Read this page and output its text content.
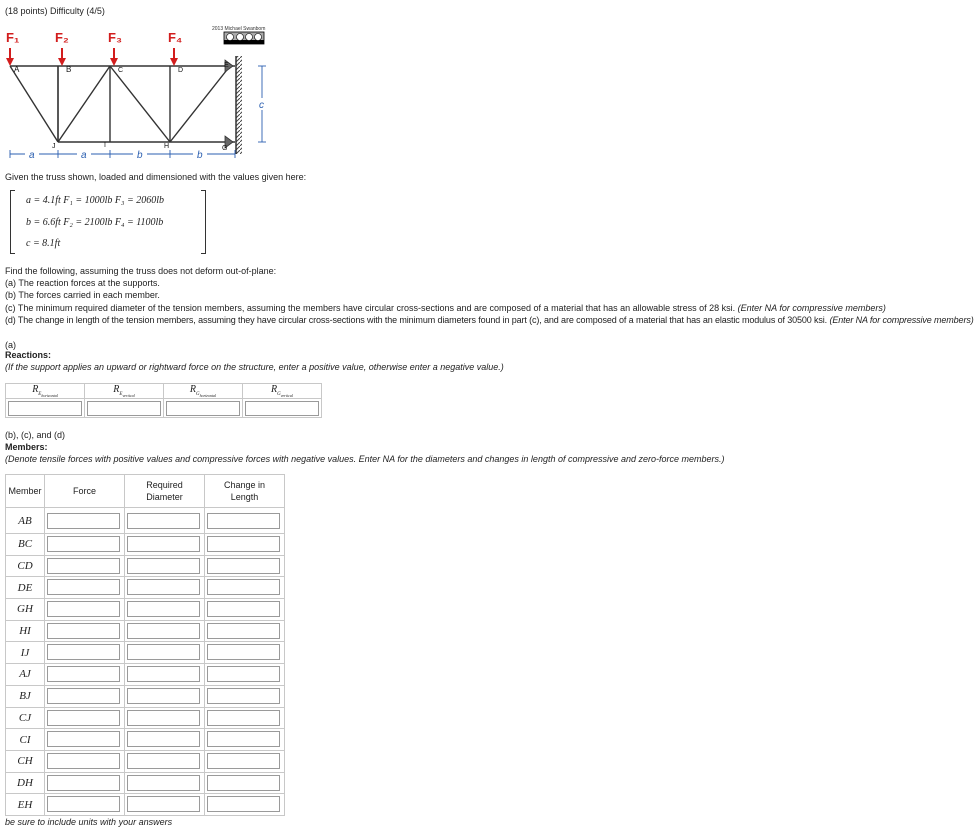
(18 points) Difficulty (4/5)
F₁	F₂	F₃	F₄
A	B	C	D
E
J	I	H	G
a	a	b	b
c
2013 Michael Swanbom
Given the truss shown, loaded and dimensioned with the values given here:
a = 4.1ft F₁ = 1000lb F₃ = 2060lb
b = 6.6ft F₂ = 2100lb F₄ = 1100lb
c = 8.1ft
Find the following, assuming the truss does not deform out-of-plane:
(a) The reaction forces at the supports.
(b) The forces carried in each member.
(c) The minimum required diameter of the tension members, assuming the members have circular cross-sections and are composed of a material that has an allowable stress of 28 ksi. (Enter NA for compressive members)
(d) The change in length of the tension members, assuming they have circular cross-sections with the minimum diameters found in part (c), and are composed of a material that has an elastic modulus of 30500 ksi. (Enter NA for compressive members)
(a)
Reactions:
(If the support applies an upward or rightward force on the structure, enter a positive value, otherwise enter a negative value.)
$R_{E_{horizontal}}$	$R_{E_{vertical}}$	$R_{G_{horizontal}}$	$R_{G_{vertical}}$

(b), (c), and (d)
Members:
(Denote tensile forces with positive values and compressive forces with negative values. Enter NA for the diameters and changes in length of compressive and zero-force members.)
Member	Force	Required Diameter	Change in Length

AB	

BC	

CD	

DE	

GH	

HI	

IJ	

AJ	

BJ	

CJ	

CI	

CH	

DH	

EH	

be sure to include units with your answers
